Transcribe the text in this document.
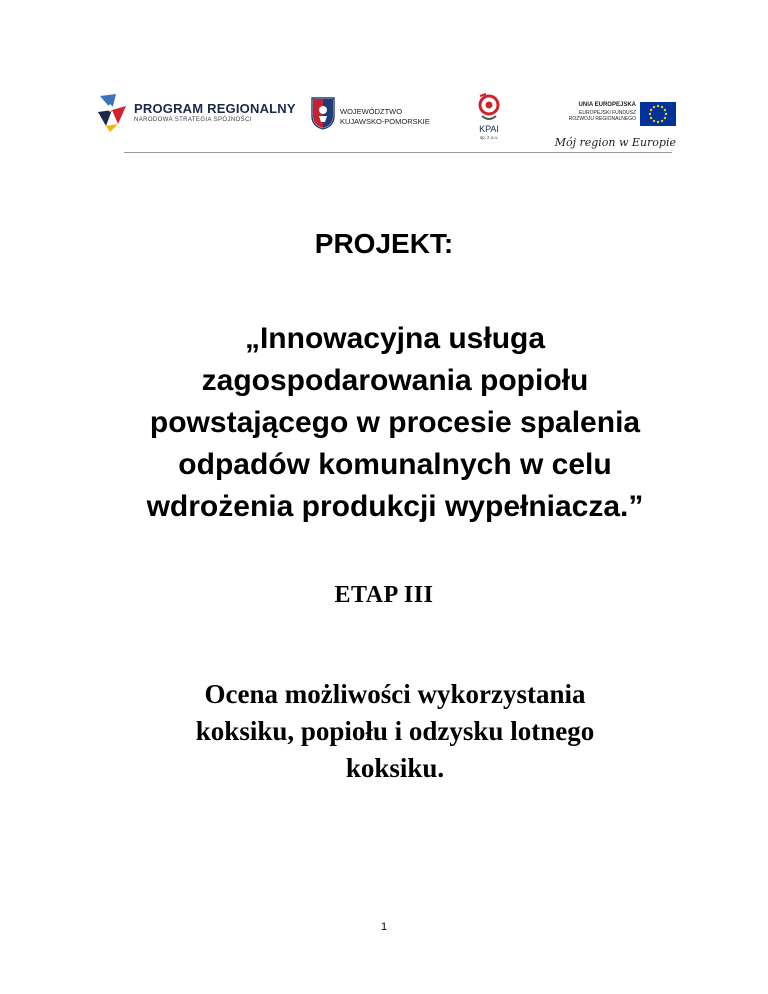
PROGRAM REGIONALNY
NARODOWA STRATEGIA SPÓJNOŚCI
WOJEWÓDZTWO
KUJAWSKO-POMORSKIE
KPAI
sp. z o.o.
UNIA EUROPEJSKA
EUROPEJSKI FUNDUSZ
ROZWOJU REGIONALNEGO
Mój region w Europie
PROJEKT:
„Innowacyjna usługa
zagospodarowania popiołu
powstającego w procesie spalenia
odpadów komunalnych w celu
wdrożenia produkcji wypełniacza.”
ETAP III
Ocena możliwości wykorzystania
koksiku, popiołu i odzysku lotnego
koksiku.
1
